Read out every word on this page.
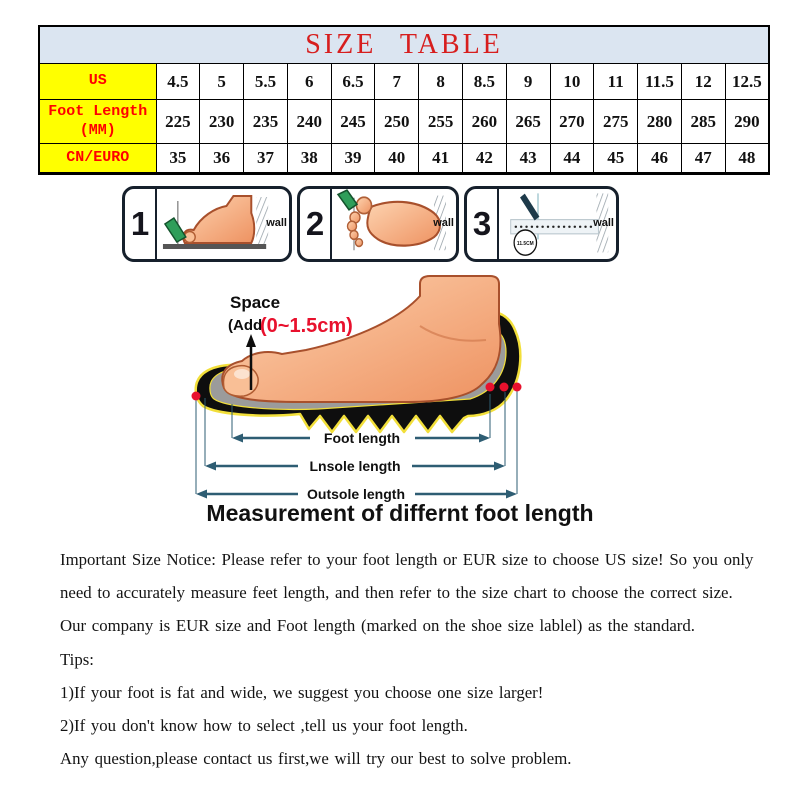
SIZE TABLE														
US	4.5	5	5.5	6	6.5	7	8	8.5	9	10	11	11.5	12	12.5
Foot Length
(MM)	225	230	235	240	245	250	255	260	265	270	275	280	285	290
CN/EURO	35	36	37	38	39	40	41	42	43	44	45	46	47	48
1	wall 2	wall 3
11.5CM
wall
Space
(Add
(0~1.5cm)
Foot length
Lnsole length
Outsole length
Measurement of differnt foot length
Important Size Notice: Please refer to your foot length or EUR size to choose US size! So you only
need to accurately measure feet length, and then refer to the size chart to choose the correct size.
Our company is EUR size and Foot length (marked on the shoe size lablel) as the standard.
Tips:
1)If your foot is fat and wide, we suggest you choose one size larger!
2)If you don't know how to select ,tell us your foot length.
Any question,please contact us first,we will try our best to solve problem.
